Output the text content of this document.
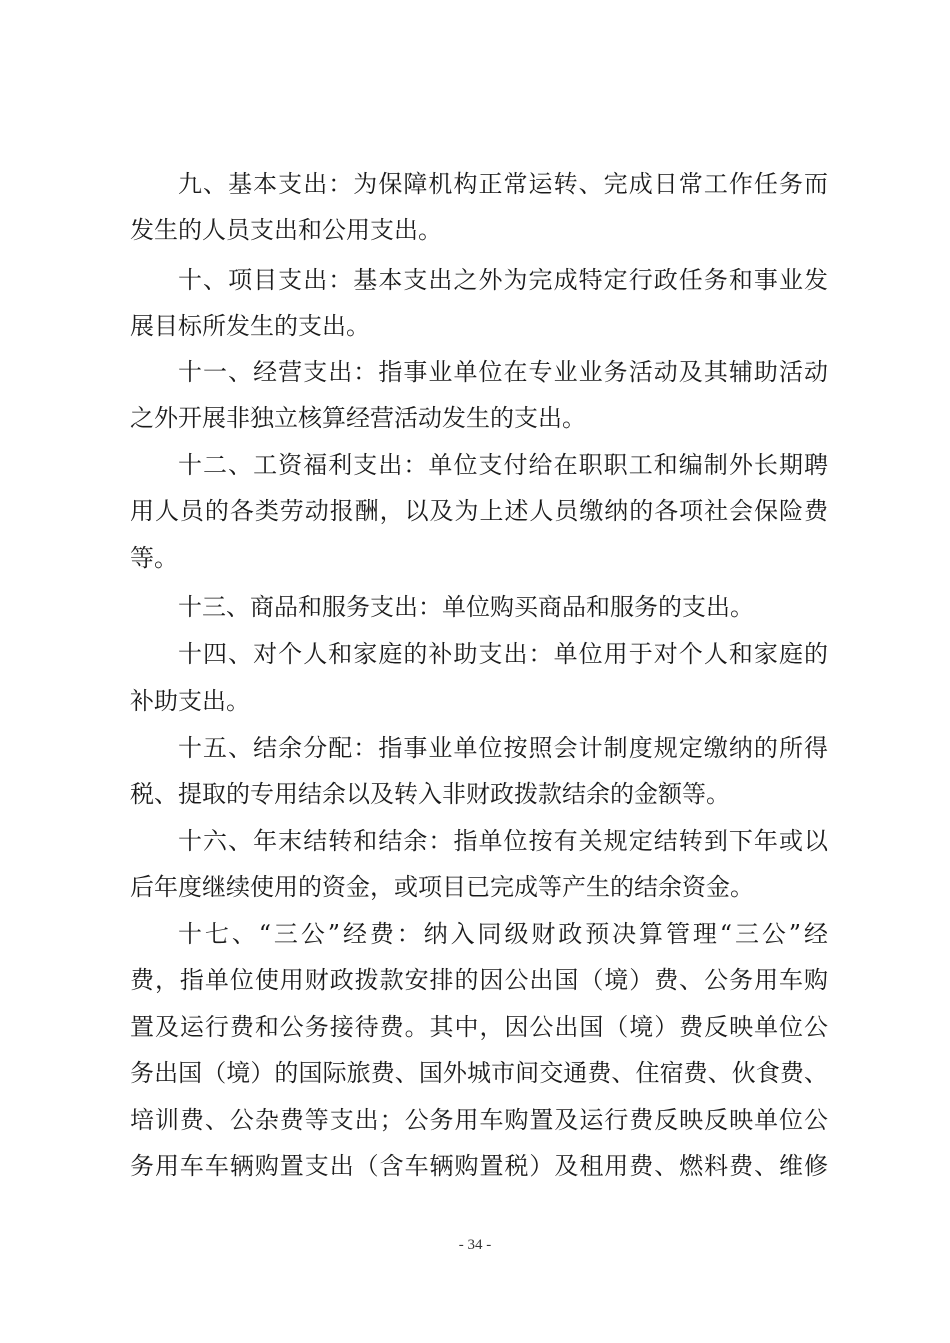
九、基本支出：为保障机构正常运转、完成日常工作任务而
发生的人员支出和公用支出。
十、项目支出：基本支出之外为完成特定行政任务和事业发
展目标所发生的支出。
十一、经营支出：指事业单位在专业业务活动及其辅助活动
之外开展非独立核算经营活动发生的支出。
十二、工资福利支出：单位支付给在职职工和编制外长期聘
用人员的各类劳动报酬，以及为上述人员缴纳的各项社会保险费
等。
十三、商品和服务支出：单位购买商品和服务的支出。
十四、对个人和家庭的补助支出：单位用于对个人和家庭的
补助支出。
十五、结余分配：指事业单位按照会计制度规定缴纳的所得
税、提取的专用结余以及转入非财政拨款结余的金额等。
十六、年末结转和结余：指单位按有关规定结转到下年或以
后年度继续使用的资金，或项目已完成等产生的结余资金。
十七、“三公”经费：纳入同级财政预决算管理“三公”经
费，指单位使用财政拨款安排的因公出国（境）费、公务用车购
置及运行费和公务接待费。其中，因公出国（境）费反映单位公
务出国（境）的国际旅费、国外城市间交通费、住宿费、伙食费、
培训费、公杂费等支出；公务用车购置及运行费反映反映单位公
务用车车辆购置支出（含车辆购置税）及租用费、燃料费、维修
- 34 -
